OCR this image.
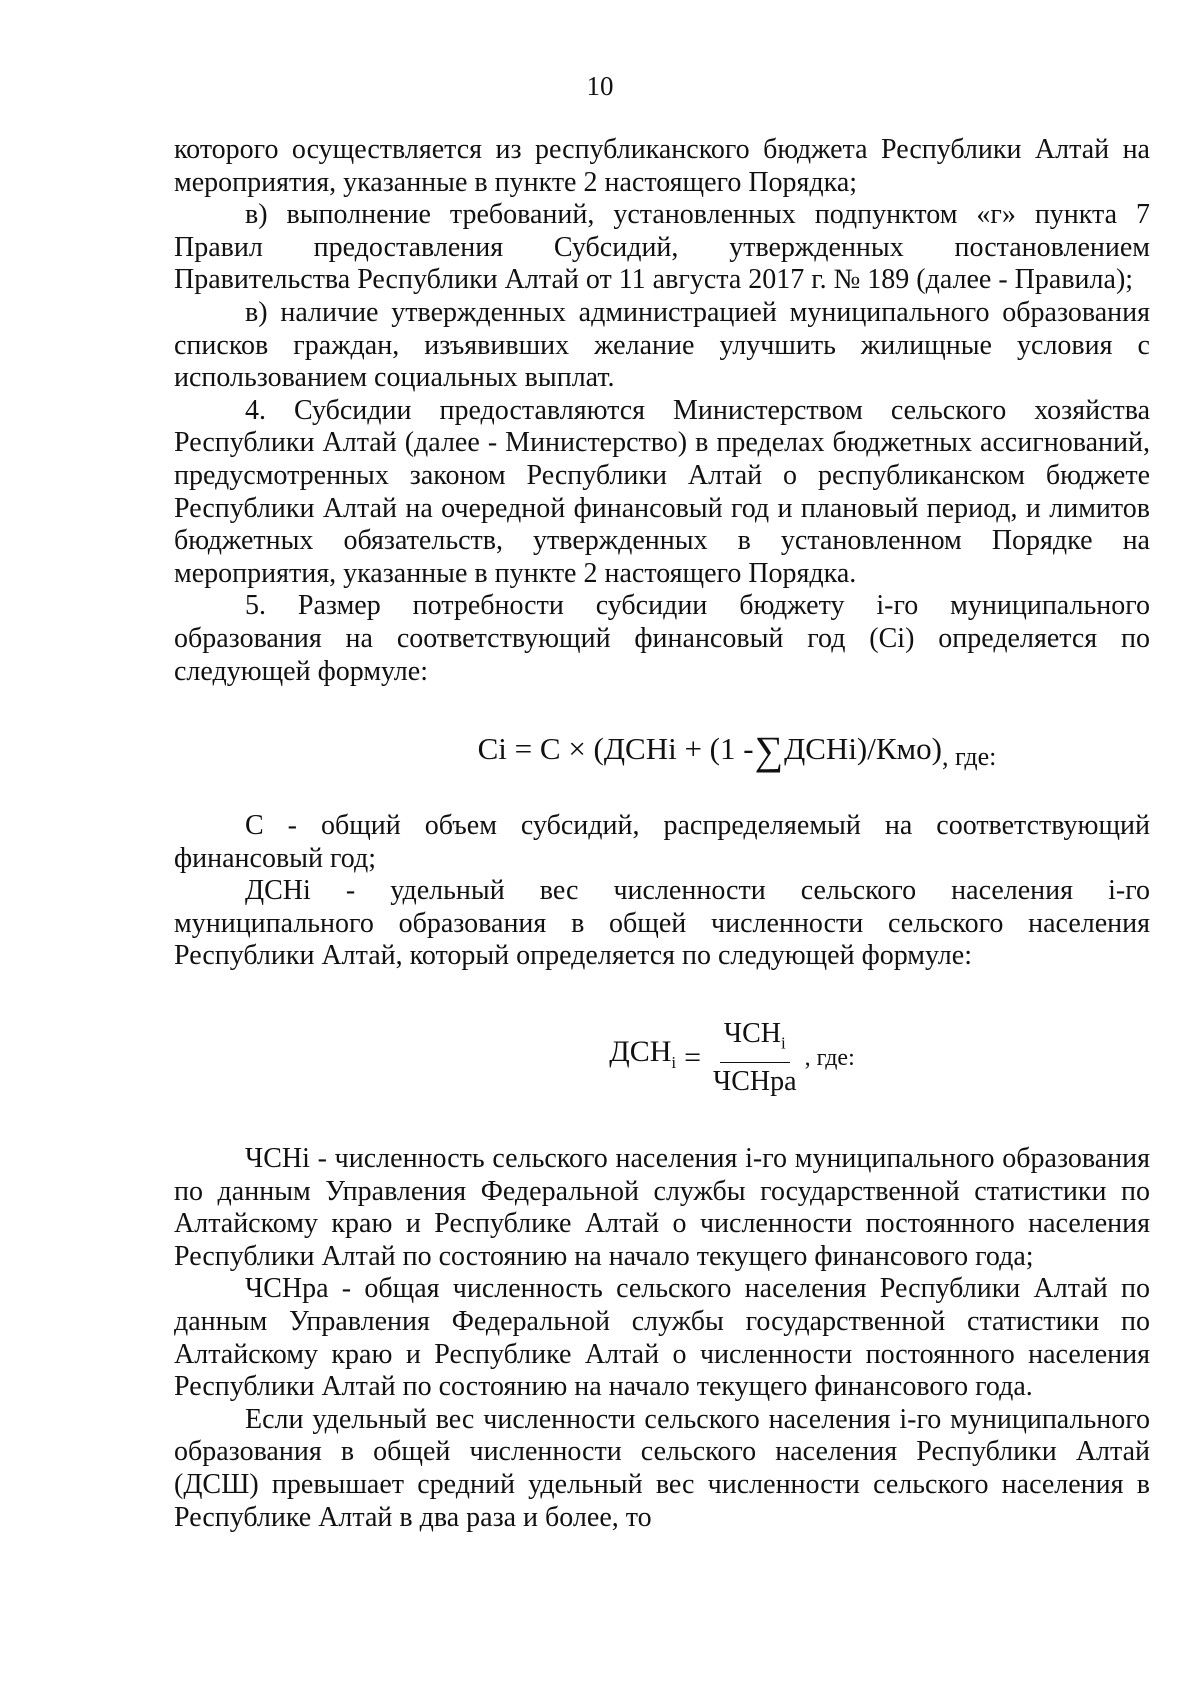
10

которого осуществляется из республиканского бюджета Республики Алтай на мероприятия, указанные в пункте 2 настоящего Порядка;

в) выполнение требований, установленных подпунктом «г» пункта 7 Правил предоставления Субсидий, утвержденных постановлением Правительства Республики Алтай от 11 августа 2017 г. № 189 (далее - Правила);

в) наличие утвержденных администрацией муниципального образования списков граждан, изъявивших желание улучшить жилищные условия с использованием социальных выплат.

4. Субсидии предоставляются Министерством сельского хозяйства Республики Алтай (далее - Министерство) в пределах бюджетных ассигнований, предусмотренных законом Республики Алтай о республиканском бюджете Республики Алтай на очередной финансовый год и плановый период, и лимитов бюджетных обязательств, утвержденных в установленном Порядке на мероприятия, указанные в пункте 2 настоящего Порядка.

5. Размер потребности субсидии бюджету i-го муниципального образования на соответствующий финансовый год (Ci) определяется по следующей формуле:

Ci = C × (ДСНi + (1 - ∑ ДСНi)/Кмо) , где:

С - общий объем субсидий, распределяемый на соответствующий финансовый год;

ДСНi - удельный вес численности сельского населения i-го муниципального образования в общей численности сельского населения Республики Алтай, который определяется по следующей формуле:

$ДСН_i = \frac{ЧСН_i}{\text{ЧСНра}}$ , где:

ЧСНi - численность сельского населения i-го муниципального образования по данным Управления Федеральной службы государственной статистики по Алтайскому краю и Республике Алтай о численности постоянного населения Республики Алтай по состоянию на начало текущего финансового года;

ЧСНра - общая численность сельского населения Республики Алтай по данным Управления Федеральной службы государственной статистики по Алтайскому краю и Республике Алтай о численности постоянного населения Республики Алтай по состоянию на начало текущего финансового года.

Если удельный вес численности сельского населения i-го муниципального образования в общей численности сельского населения Республики Алтай (ДСШ) превышает средний удельный вес численности сельского населения в Республике Алтай в два раза и более, то
